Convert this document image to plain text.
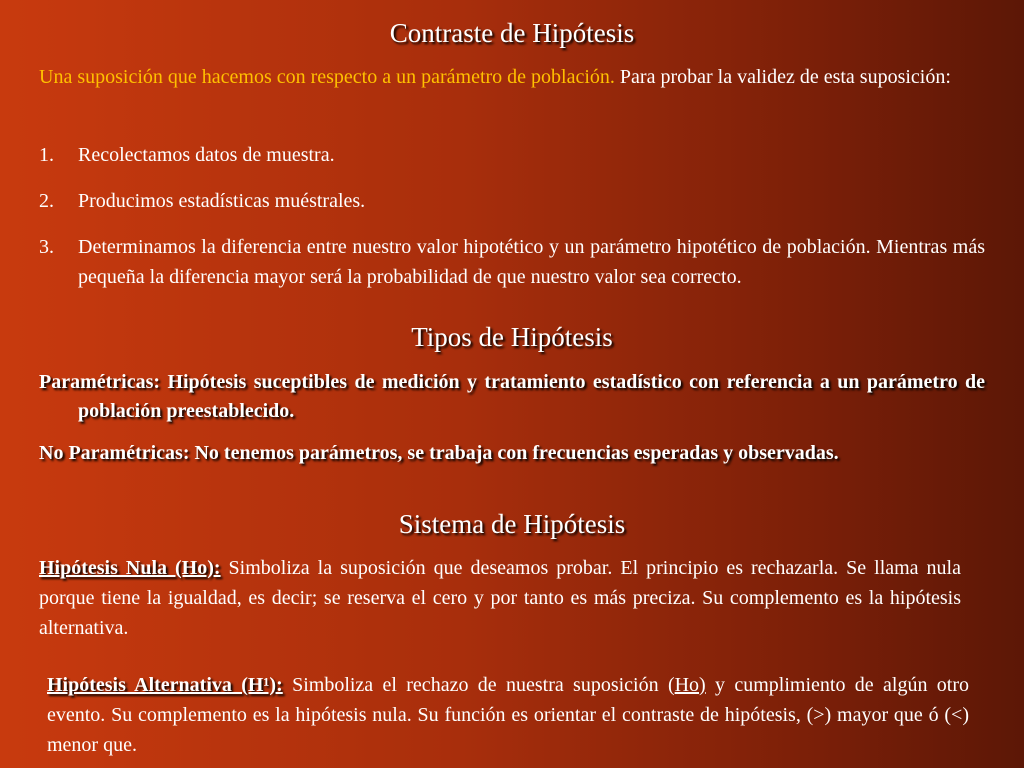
Contraste de Hipótesis

Una suposición que hacemos con respecto a un parámetro de población. Para probar la validez de esta suposición:

1.	Recolectamos datos de muestra.
2.	Producimos estadísticas muéstrales.
3.	Determinamos la diferencia entre nuestro valor hipotético y un parámetro hipotético de población. Mientras más pequeña la diferencia mayor será la probabilidad de que nuestro valor sea correcto.
Tipos de Hipótesis

Paramétricas: Hipótesis suceptibles de medición y tratamiento estadístico con referencia a un parámetro de población preestablecido.

No Paramétricas: No tenemos parámetros, se trabaja con frecuencias esperadas y observadas.

Sistema de Hipótesis

Hipótesis Nula (Ho): Simboliza la suposición que deseamos probar. El principio es rechazarla. Se llama nula porque tiene la igualdad, es decir; se reserva el cero y por tanto es más preciza. Su complemento es la hipótesis alternativa.

Hipótesis Alternativa (H¹): Simboliza el rechazo de nuestra suposición (Ho) y cumplimiento de algún otro evento. Su complemento es la hipótesis nula. Su función es orientar el contraste de hipótesis, (>) mayor que ó (<) menor que.
